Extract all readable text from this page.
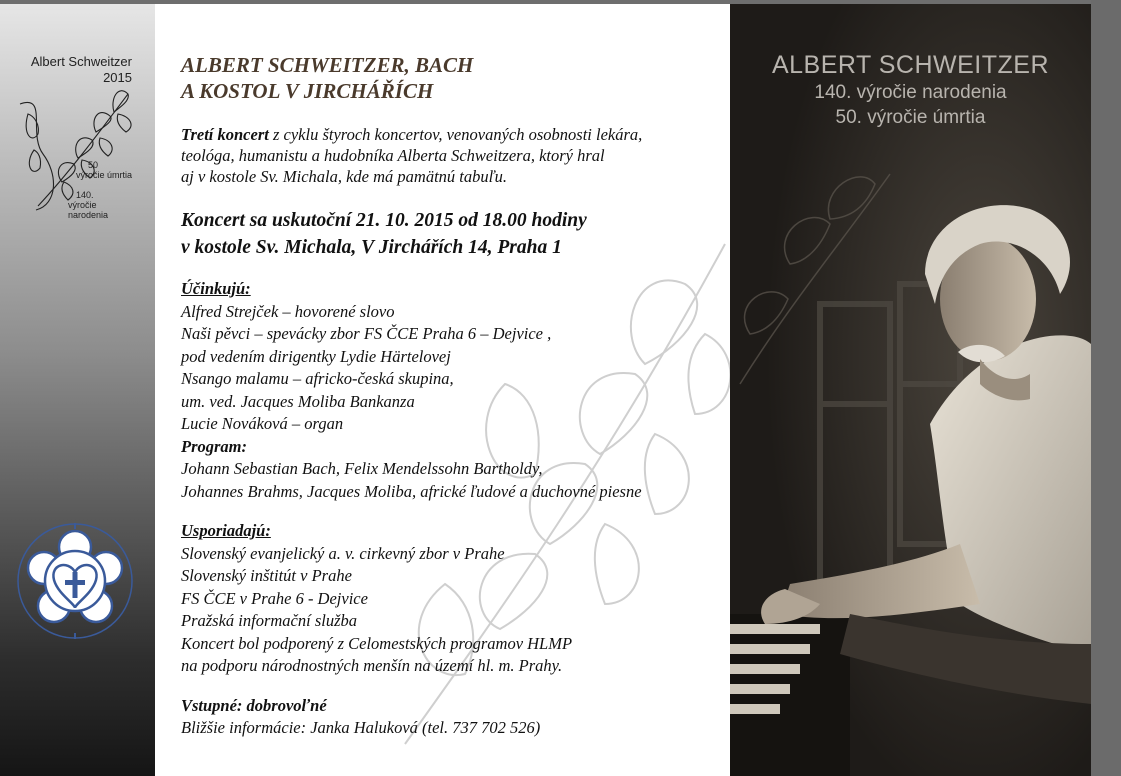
Albert Schweitzer
2015
50
výročie úmrtia
140.
výročie narodenia
ALBERT SCHWEITZER, BACH
A KOSTOL V JIRCHÁŘÍCH
Tretí koncert z cyklu štyroch koncertov, venovaných osobnosti lekára,
teológa, humanistu a hudobníka Alberta Schweitzera, ktorý hral
aj v kostole Sv. Michala, kde má pamätnú tabuľu.
Koncert sa uskutoční 21. 10. 2015 od 18.00 hodiny
v kostole Sv. Michala, V Jirchářích 14, Praha 1
Účinkujú:
Alfred Strejček – hovorené slovo
Naši pěvci – spevácky zbor FS ČCE Praha 6 – Dejvice ,
pod vedením dirigentky Lydie Härtelovej
Nsango malamu – africko-česká skupina,
um. ved. Jacques Moliba Bankanza
Lucie Nováková – organ
Program:
Johann Sebastian Bach, Felix Mendelssohn Bartholdy,
Johannes Brahms, Jacques Moliba, africké ľudové a duchovné piesne
Usporiadajú:
Slovenský evanjelický a. v. cirkevný zbor v Prahe
Slovenský inštitút v Prahe
FS ČCE v Prahe 6 - Dejvice
Pražská informační služba
Koncert bol podporený z Celomestských programov HLMP
na podporu národnostných menšín na území hl. m. Prahy.
Vstupné: dobrovoľné
Bližšie informácie: Janka Haluková (tel. 737 702 526)
ALBERT SCHWEITZER
140. výročie narodenia
50. výročie úmrtia
